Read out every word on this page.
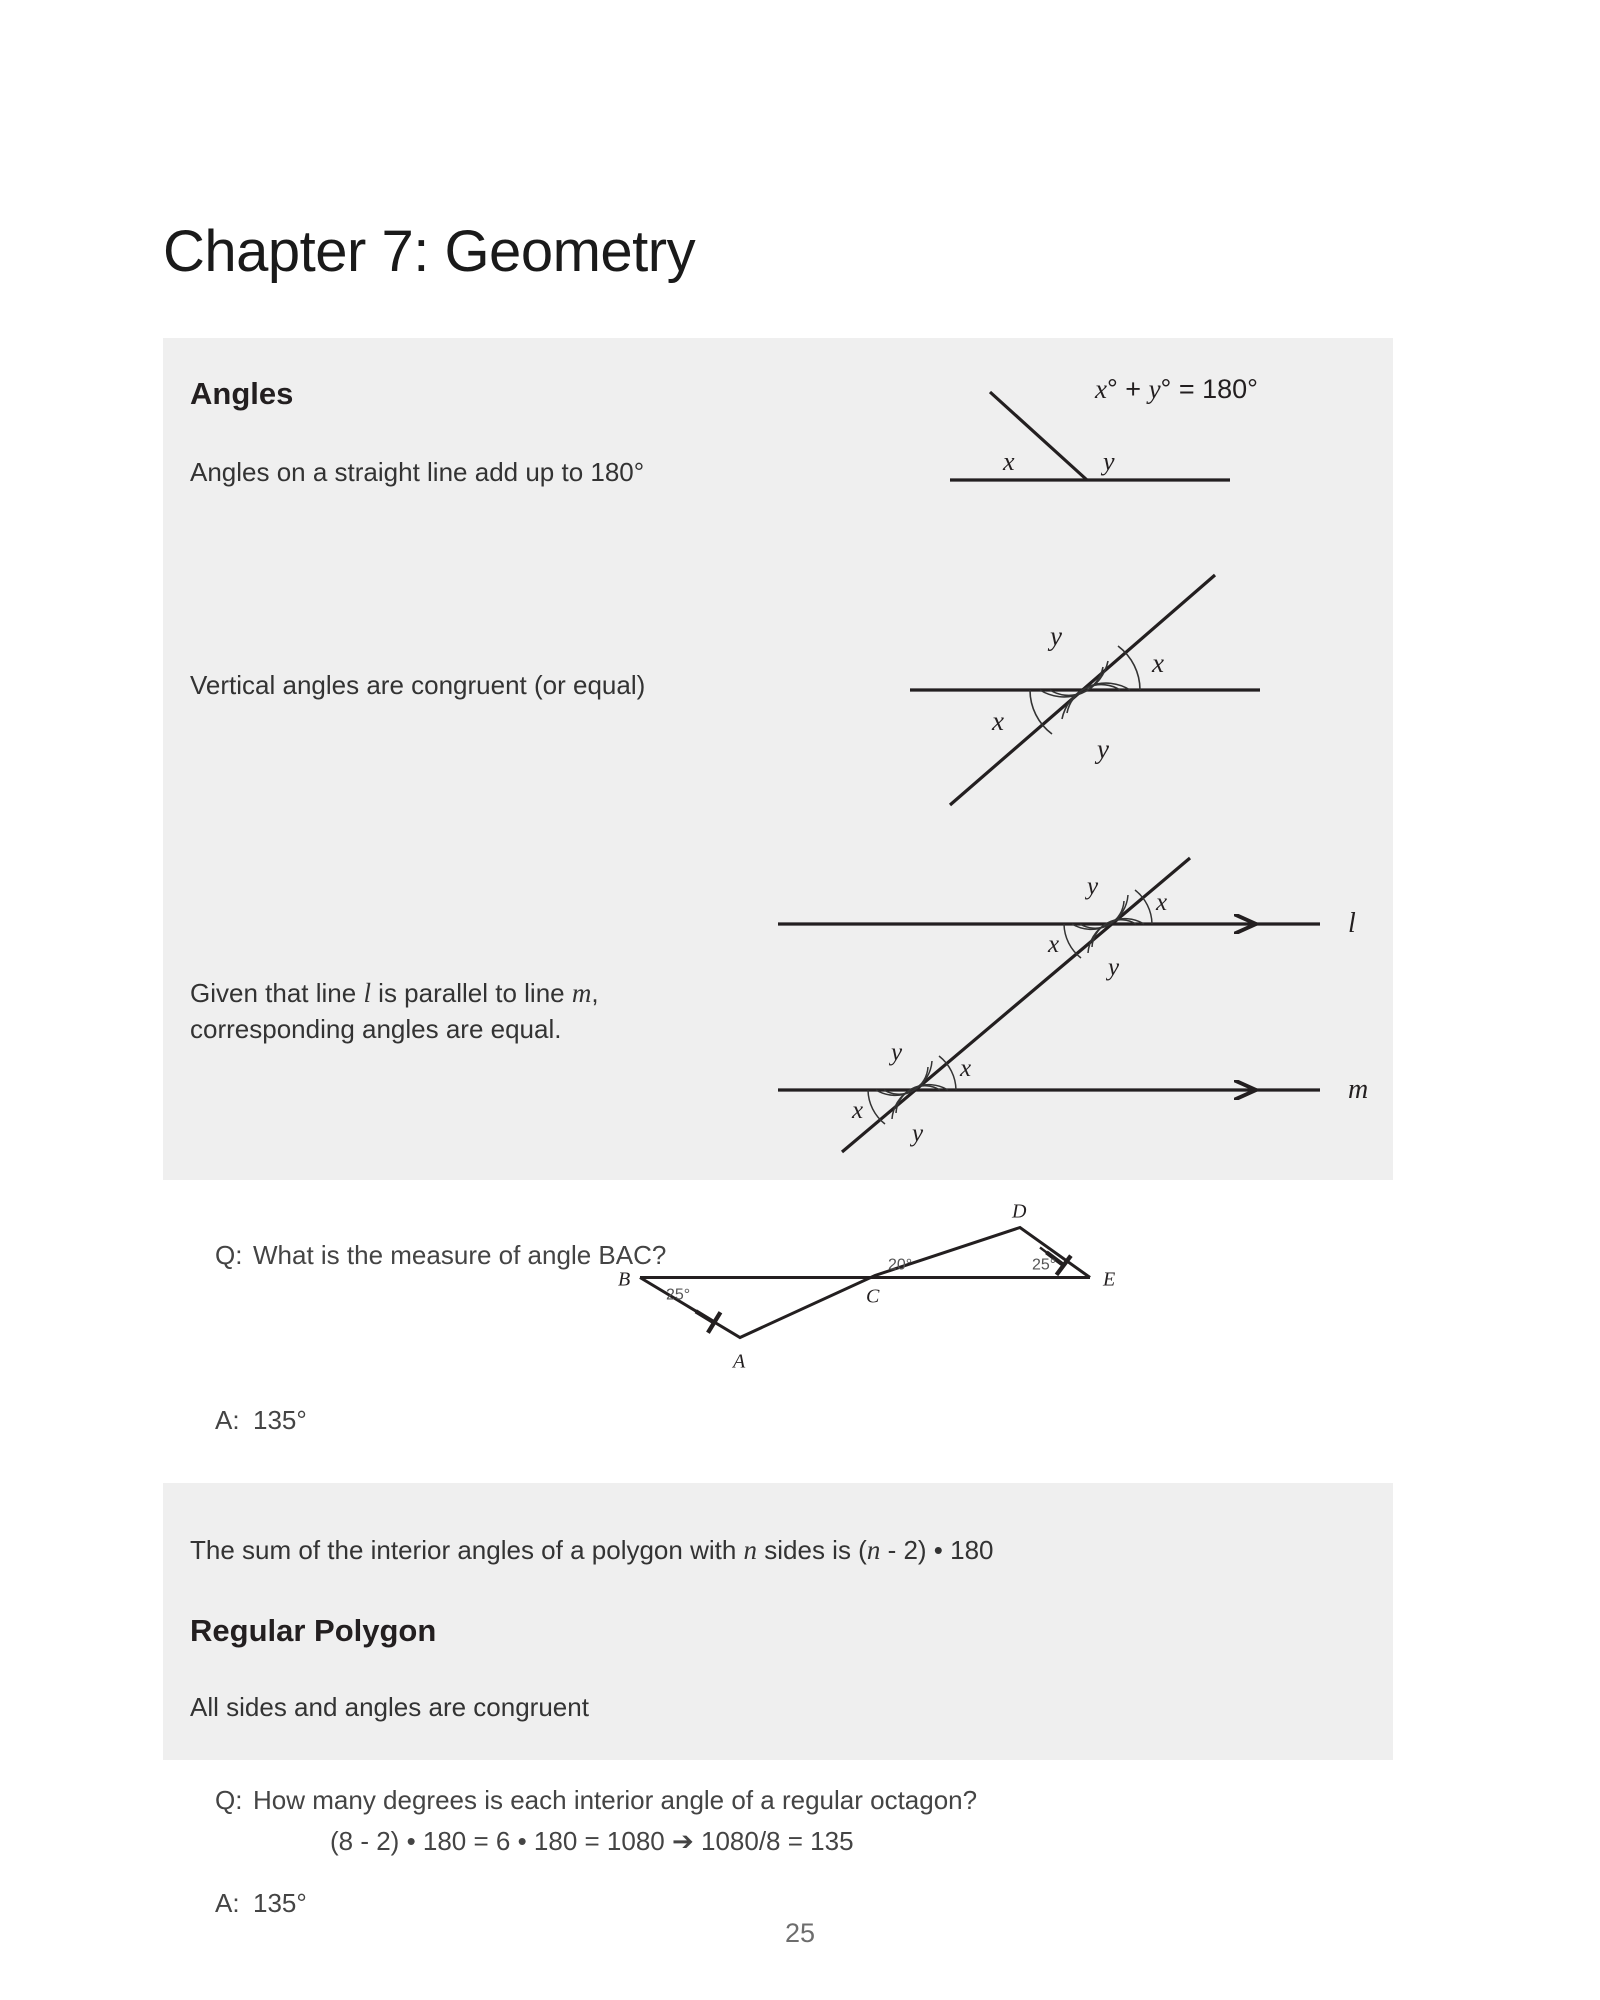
Chapter 7: Geometry
Angles
Angles on a straight line add up to 180°
Vertical angles are congruent (or equal)
Given that line l is parallel to line m,
corresponding angles are equal.
x	y
x° + y° = 180°
y
x
x
y
l
m
y
x
x
y
y
x
x
y
B
A
C
D
E
25°
20°	25°
Q: What is the measure of angle BAC?
A: 135°
The sum of the interior angles of a polygon with n sides is (n - 2) • 180
Regular Polygon
All sides and angles are congruent
Q: How many degrees is each interior angle of a regular octagon?
(8 - 2) • 180 = 6 • 180 = 1080 ➔ 1080/8 = 135
A: 135°
25
